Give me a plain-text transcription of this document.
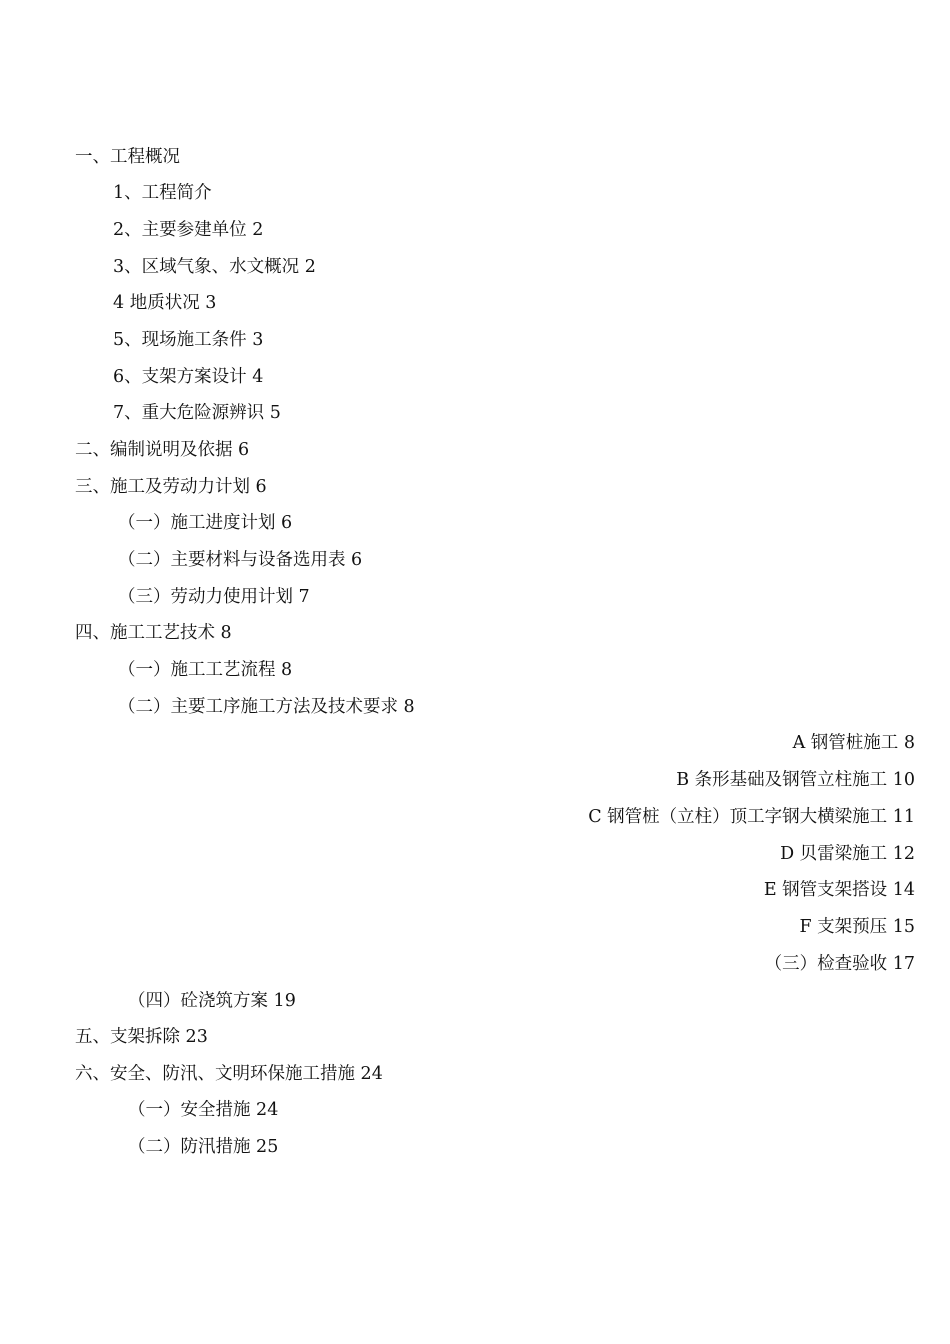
一、工程概况
1、工程简介
2、主要参建单位 2
3、区域气象、水文概况 2
4 地质状况 3
5、现场施工条件 3
6、支架方案设计 4
7、重大危险源辨识 5
二、编制说明及依据 6
三、施工及劳动力计划 6
（一）施工进度计划 6
（二）主要材料与设备选用表 6
（三）劳动力使用计划 7
四、施工工艺技术 8
（一）施工工艺流程 8
（二）主要工序施工方法及技术要求 8
A 钢管桩施工 8
B 条形基础及钢管立柱施工 10
C 钢管桩（立柱）顶工字钢大横梁施工 11
D 贝雷梁施工 12
E 钢管支架搭设 14
F 支架预压 15
（三）检查验收 17
（四）砼浇筑方案 19
五、支架拆除 23
六、安全、防汛、文明环保施工措施 24
（一）安全措施 24
（二）防汛措施 25
